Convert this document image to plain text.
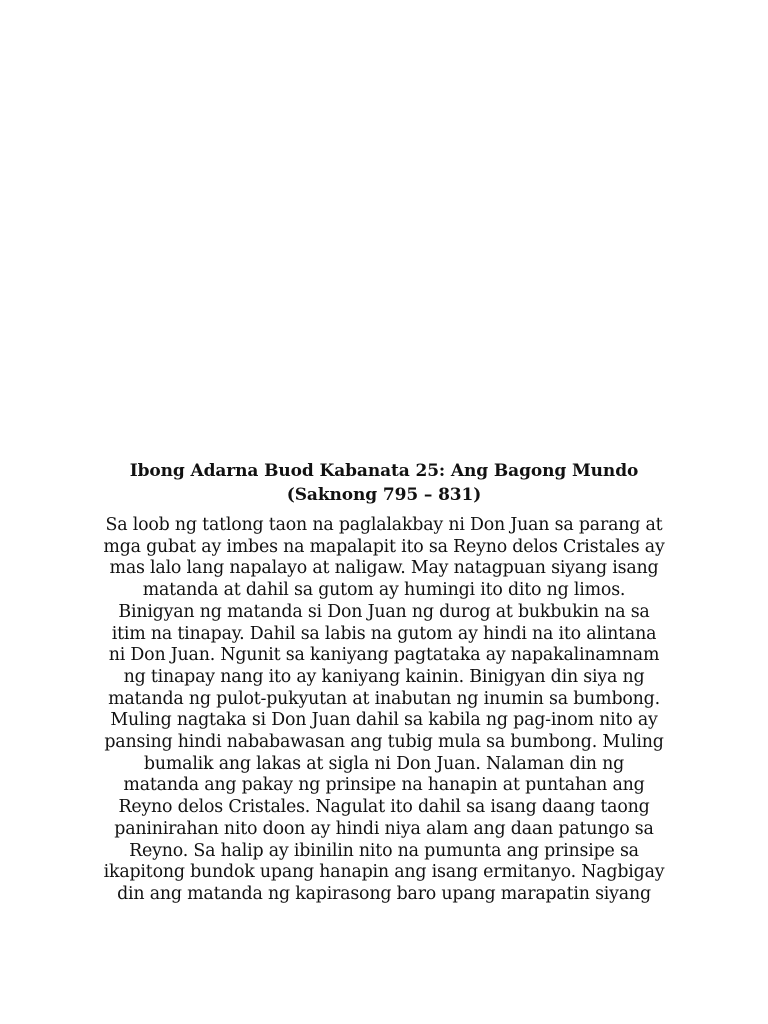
Ibong Adarna Buod Kabanata 25: Ang Bagong Mundo
(Saknong 795 – 831)
Sa loob ng tatlong taon na paglalakbay ni Don Juan sa parang at
mga gubat ay imbes na mapalapit ito sa Reyno delos Cristales ay
mas lalo lang napalayo at naligaw. May natagpuan siyang isang
matanda at dahil sa gutom ay humingi ito dito ng limos.
Binigyan ng matanda si Don Juan ng durog at bukbukin na sa
itim na tinapay. Dahil sa labis na gutom ay hindi na ito alintana
ni Don Juan. Ngunit sa kaniyang pagtataka ay napakalinamnam
ng tinapay nang ito ay kaniyang kainin. Binigyan din siya ng
matanda ng pulot-pukyutan at inabutan ng inumin sa bumbong.
Muling nagtaka si Don Juan dahil sa kabila ng pag-inom nito ay
pansing hindi nababawasan ang tubig mula sa bumbong. Muling
bumalik ang lakas at sigla ni Don Juan. Nalaman din ng
matanda ang pakay ng prinsipe na hanapin at puntahan ang
Reyno delos Cristales. Nagulat ito dahil sa isang daang taong
paninirahan nito doon ay hindi niya alam ang daan patungo sa
Reyno. Sa halip ay ibinilin nito na pumunta ang prinsipe sa
ikapitong bundok upang hanapin ang isang ermitanyo. Nagbigay
din ang matanda ng kapirasong baro upang marapatin siyang
